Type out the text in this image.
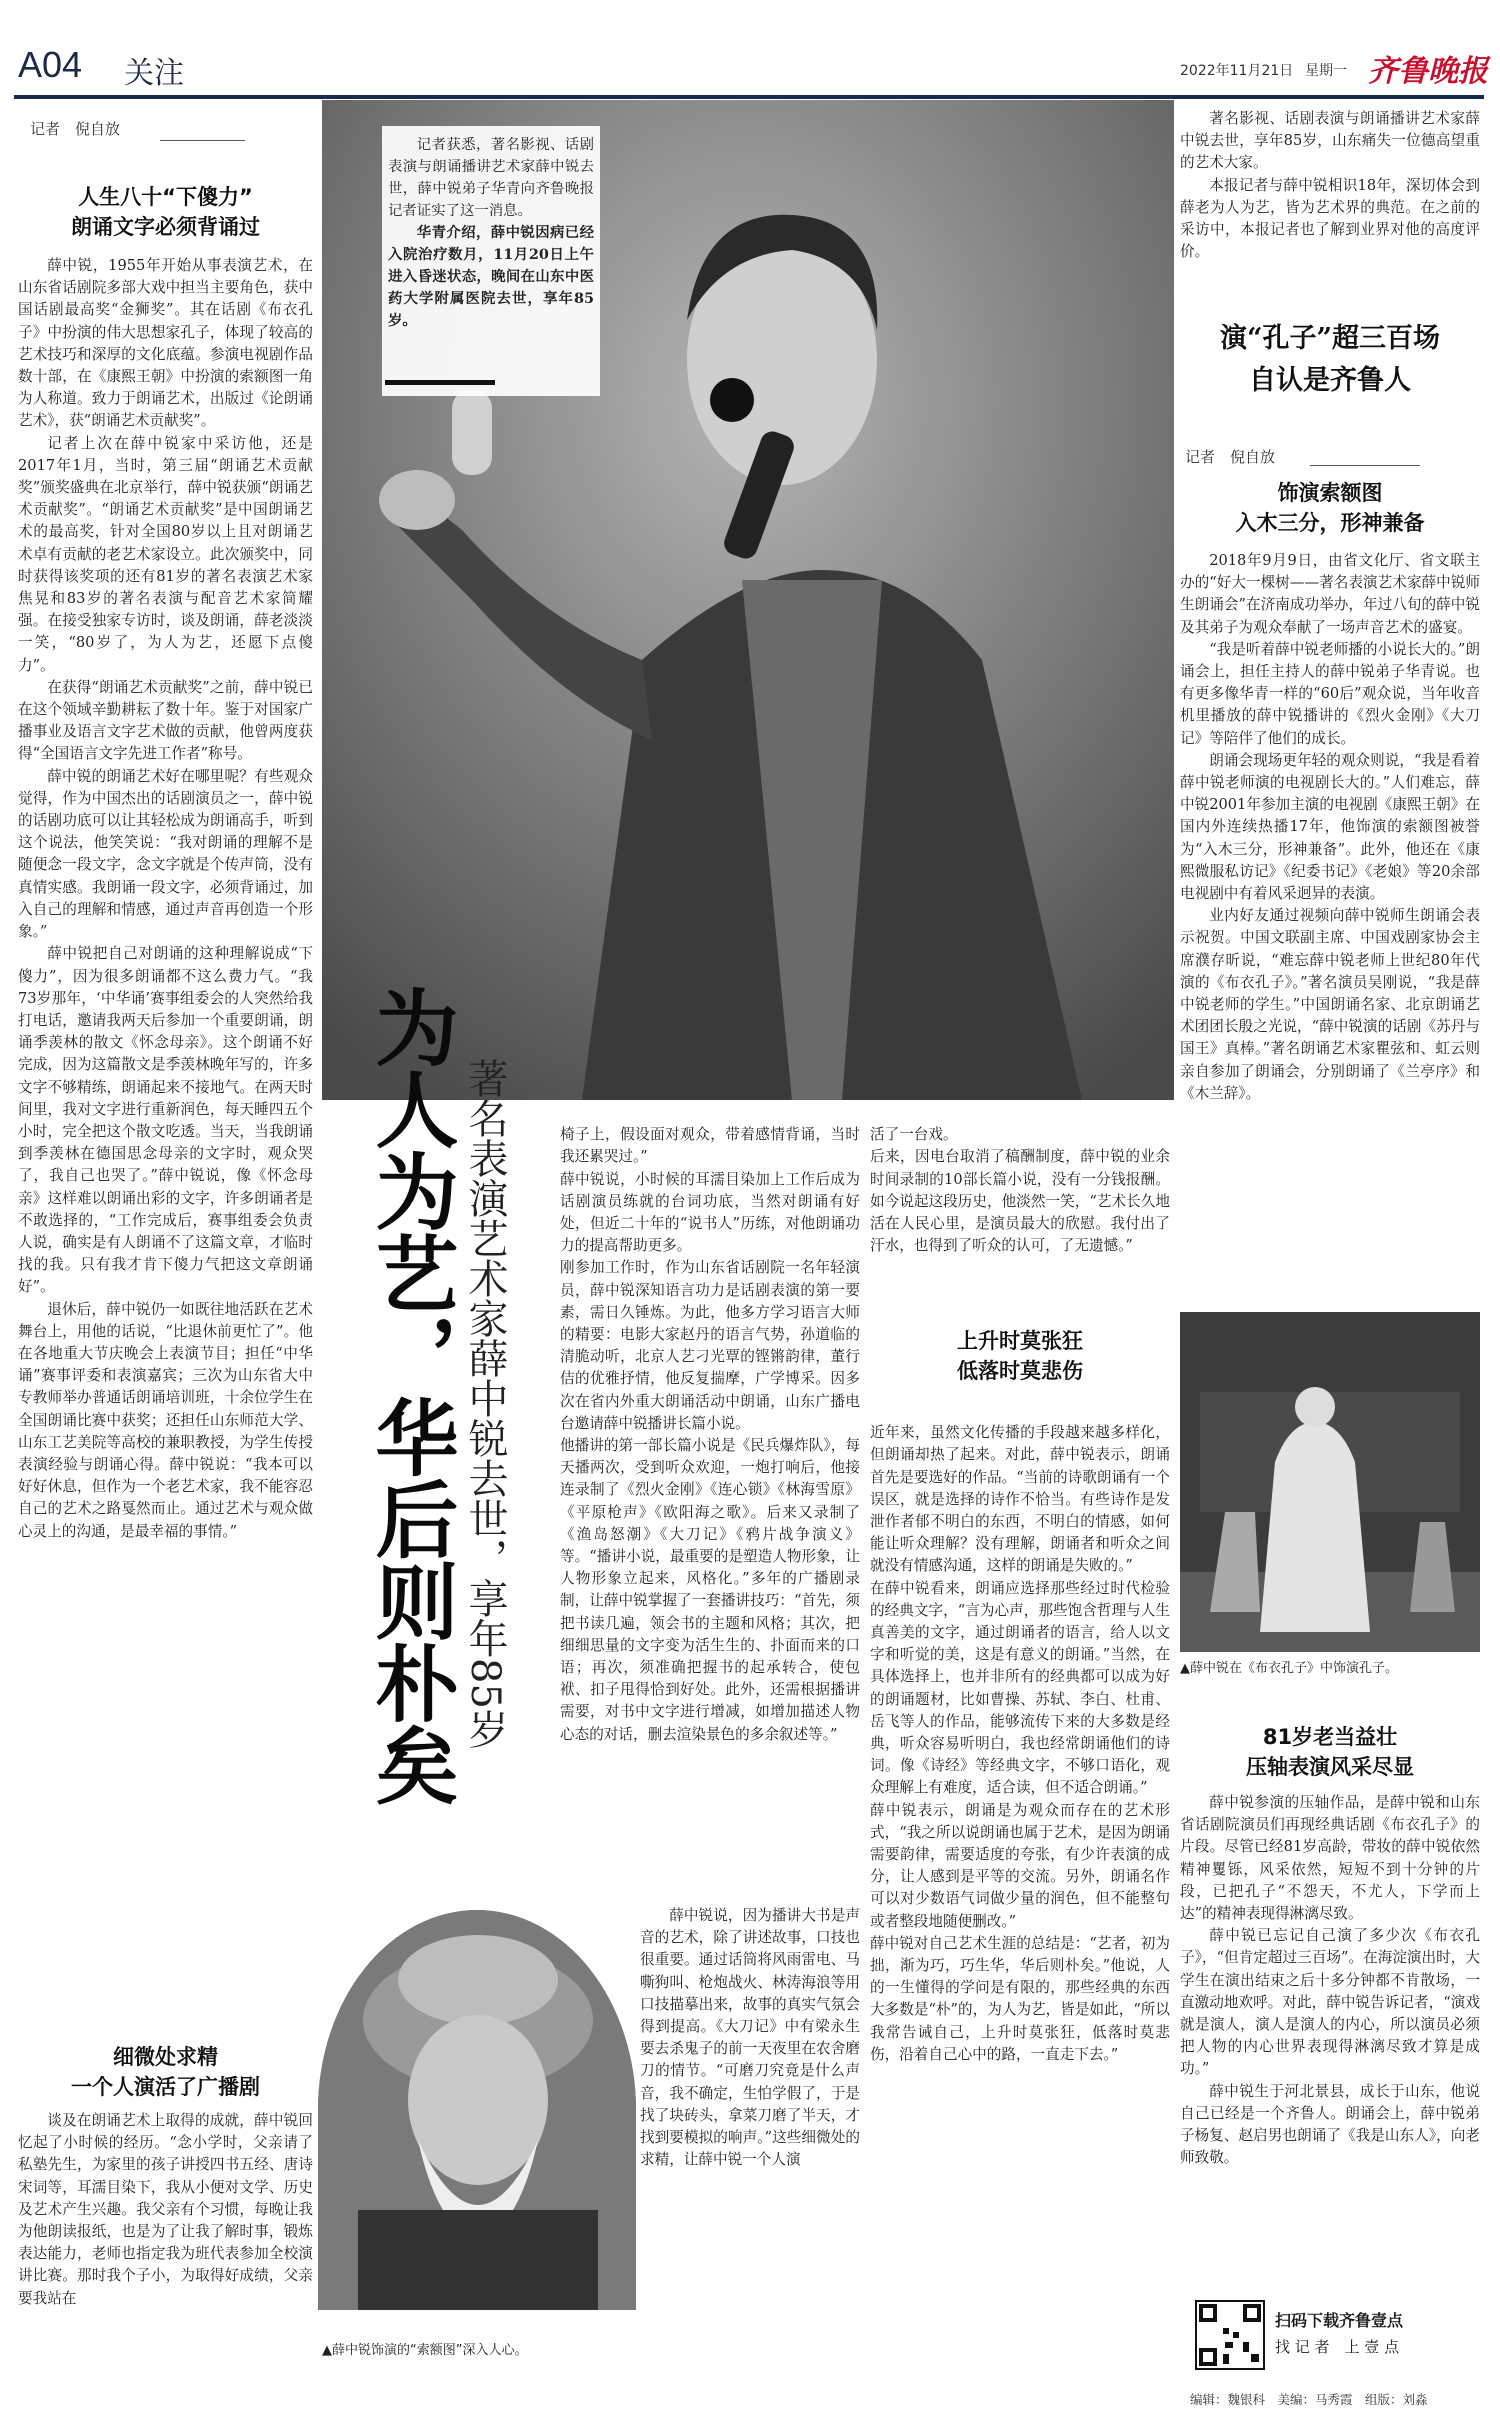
A04 关注	2022年11月21日 星期一 齐鲁晚报
记者　倪自放
人生八十“下傻力”
朗诵文字必须背诵过

薛中锐，1955年开始从事表演艺术，在山东省话剧院多部大戏中担当主要角色，获中国话剧最高奖“金狮奖”。其在话剧《布衣孔子》中扮演的伟大思想家孔子，体现了较高的艺术技巧和深厚的文化底蕴。参演电视剧作品数十部，在《康熙王朝》中扮演的索额图一角为人称道。致力于朗诵艺术，出版过《论朗诵艺术》，获“朗诵艺术贡献奖”。

记者上次在薛中锐家中采访他，还是2017年1月，当时，第三届“朗诵艺术贡献奖”颁奖盛典在北京举行，薛中锐获颁“朗诵艺术贡献奖”。“朗诵艺术贡献奖”是中国朗诵艺术的最高奖，针对全国80岁以上且对朗诵艺术卓有贡献的老艺术家设立。此次颁奖中，同时获得该奖项的还有81岁的著名表演艺术家焦晃和83岁的著名表演与配音艺术家简耀强。在接受独家专访时，谈及朗诵，薛老淡淡一笑，“80岁了，为人为艺，还愿下点傻力”。

在获得“朗诵艺术贡献奖”之前，薛中锐已在这个领域辛勤耕耘了数十年。鉴于对国家广播事业及语言文字艺术做的贡献，他曾两度获得“全国语言文字先进工作者”称号。

薛中锐的朗诵艺术好在哪里呢？有些观众觉得，作为中国杰出的话剧演员之一，薛中锐的话剧功底可以让其轻松成为朗诵高手，听到这个说法，他笑笑说：“我对朗诵的理解不是随便念一段文字，念文字就是个传声筒，没有真情实感。我朗诵一段文字，必须背诵过，加入自己的理解和情感，通过声音再创造一个形象。”

薛中锐把自己对朗诵的这种理解说成“下傻力”，因为很多朗诵都不这么费力气。“我73岁那年，‘中华诵’赛事组委会的人突然给我打电话，邀请我两天后参加一个重要朗诵，朗诵季羡林的散文《怀念母亲》。这个朗诵不好完成，因为这篇散文是季羡林晚年写的，许多文字不够精练，朗诵起来不接地气。在两天时间里，我对文字进行重新润色，每天睡四五个小时，完全把这个散文吃透。当天，当我朗诵到季羡林在德国思念母亲的文字时，观众哭了，我自己也哭了。”薛中锐说，像《怀念母亲》这样难以朗诵出彩的文字，许多朗诵者是不敢选择的，“工作完成后，赛事组委会负责人说，确实是有人朗诵不了这篇文章，才临时找的我。只有我才肯下傻力气把这文章朗诵好”。

退休后，薛中锐仍一如既往地活跃在艺术舞台上，用他的话说，“比退休前更忙了”。他在各地重大节庆晚会上表演节目；担任“中华诵”赛事评委和表演嘉宾；三次为山东省大中专教师举办普通话朗诵培训班，十余位学生在全国朗诵比赛中获奖；还担任山东师范大学、山东工艺美院等高校的兼职教授，为学生传授表演经验与朗诵心得。薛中锐说：“我本可以好好休息，但作为一个老艺术家，我不能容忍自己的艺术之路戛然而止。通过艺术与观众做心灵上的沟通，是最幸福的事情。”

细微处求精
一个人演活了广播剧

谈及在朗诵艺术上取得的成就，薛中锐回忆起了小时候的经历。“念小学时，父亲请了私塾先生，为家里的孩子讲授四书五经、唐诗宋词等，耳濡目染下，我从小便对文学、历史及艺术产生兴趣。我父亲有个习惯，每晚让我为他朗读报纸，也是为了让我了解时事，锻炼表达能力，老师也指定我为班代表参加全校演讲比赛。那时我个子小，为取得好成绩，父亲要我站在

记者获悉，著名影视、话剧表演与朗诵播讲艺术家薛中锐去世，薛中锐弟子华青向齐鲁晚报记者证实了这一消息。

华青介绍，薛中锐因病已经入院治疗数月，11月20日上午进入昏迷状态，晚间在山东中医药大学附属医院去世，享年85岁。

为人为艺，华后则朴矣 著名表演艺术家薛中锐去世，享年85岁	椅子上，假设面对观众，带着感情背诵，当时我还累哭过。”
薛中锐说，小时候的耳濡目染加上工作后成为话剧演员练就的台词功底，当然对朗诵有好处，但近二十年的“说书人”历练，对他朗诵功力的提高帮助更多。
刚参加工作时，作为山东省话剧院一名年轻演员，薛中锐深知语言功力是话剧表演的第一要素，需日久锤炼。为此，他多方学习语言大师的精要：电影大家赵丹的语言气势，孙道临的清脆动听，北京人艺刁光覃的铿锵韵律，董行佶的优雅抒情，他反复揣摩，广学博采。因多次在省内外重大朗诵活动中朗诵，山东广播电台邀请薛中锐播讲长篇小说。
他播讲的第一部长篇小说是《民兵爆炸队》，每天播两次，受到听众欢迎，一炮打响后，他接连录制了《烈火金刚》《连心锁》《林海雪原》《平原枪声》《欧阳海之歌》。后来又录制了《渔岛怒潮》《大刀记》《鸦片战争演义》等。“播讲小说，最重要的是塑造人物形象，让人物形象立起来，风格化。”多年的广播剧录制，让薛中锐掌握了一套播讲技巧：“首先，须把书读几遍，领会书的主题和风格；其次，把细细思量的文字变为活生生的、扑面而来的口语；再次，须准确把握书的起承转合，使包袱、扣子甩得恰到好处。此外，还需根据播讲需要，对书中文字进行增减，如增加描述人物心态的对话，删去渲染景色的多余叙述等。”

薛中锐说，因为播讲大书是声音的艺术，除了讲述故事，口技也很重要。通过话筒将风雨雷电、马嘶狗叫、枪炮战火、林涛海浪等用口技描摹出来，故事的真实气氛会得到提高。《大刀记》中有梁永生要去杀鬼子的前一天夜里在农舍磨刀的情节。“可磨刀究竟是什么声音，我不确定，生怕学假了，于是找了块砖头，拿菜刀磨了半天，才找到要模拟的响声。”这些细微处的求精，让薛中锐一个人演

活了一台戏。
后来，因电台取消了稿酬制度，薛中锐的业余时间录制的10部长篇小说，没有一分钱报酬。如今说起这段历史，他淡然一笑，“艺术长久地活在人民心里，是演员最大的欣慰。我付出了汗水，也得到了听众的认可，了无遗憾。”

上升时莫张狂
低落时莫悲伤

近年来，虽然文化传播的手段越来越多样化，但朗诵却热了起来。对此，薛中锐表示，朗诵首先是要选好的作品。“当前的诗歌朗诵有一个误区，就是选择的诗作不恰当。有些诗作是发泄作者郁不明白的东西，不明白的情感，如何能让听众理解？没有理解，朗诵者和听众之间就没有情感沟通，这样的朗诵是失败的。”
在薛中锐看来，朗诵应选择那些经过时代检验的经典文字，“言为心声，那些饱含哲理与人生真善美的文字，通过朗诵者的语言，给人以文字和听觉的美，这是有意义的朗诵。”当然，在具体选择上，也并非所有的经典都可以成为好的朗诵题材，比如曹操、苏轼、李白、杜甫、岳飞等人的作品，能够流传下来的大多数是经典，听众容易听明白，我也经常朗诵他们的诗词。像《诗经》等经典文字，不够口语化，观众理解上有难度，适合读，但不适合朗诵。”
薛中锐表示，朗诵是为观众而存在的艺术形式，“我之所以说朗诵也属于艺术，是因为朗诵需要韵律，需要适度的夸张，有少许表演的成分，让人感到是平等的交流。另外，朗诵名作可以对少数语气词做少量的润色，但不能整句或者整段地随便删改。”
薛中锐对自己艺术生涯的总结是：“艺者，初为拙，渐为巧，巧生华，华后则朴矣。”他说，人的一生懂得的学问是有限的，那些经典的东西大多数是“朴”的，为人为艺，皆是如此，“所以我常告诫自己，上升时莫张狂，低落时莫悲伤，沿着自己心中的路，一直走下去。”

▲薛中锐饰演的“索额图”深入人心。

著名影视、话剧表演与朗诵播讲艺术家薛中锐去世，享年85岁，山东痛失一位德高望重的艺术大家。

本报记者与薛中锐相识18年，深切体会到薛老为人为艺，皆为艺术界的典范。在之前的采访中，本报记者也了解到业界对他的高度评价。

演“孔子”超三百场
自认是齐鲁人
记者　倪自放
饰演索额图
入木三分，形神兼备

2018年9月9日，由省文化厅、省文联主办的“好大一棵树——著名表演艺术家薛中锐师生朗诵会”在济南成功举办，年过八旬的薛中锐及其弟子为观众奉献了一场声音艺术的盛宴。

“我是听着薛中锐老师播的小说长大的。”朗诵会上，担任主持人的薛中锐弟子华青说。也有更多像华青一样的“60后”观众说，当年收音机里播放的薛中锐播讲的《烈火金刚》《大刀记》等陪伴了他们的成长。

朗诵会现场更年轻的观众则说，“我是看着薛中锐老师演的电视剧长大的。”人们难忘，薛中锐2001年参加主演的电视剧《康熙王朝》在国内外连续热播17年，他饰演的索额图被誉为“入木三分，形神兼备”。此外，他还在《康熙微服私访记》《纪委书记》《老娘》等20余部电视剧中有着风采迥异的表演。

业内好友通过视频向薛中锐师生朗诵会表示祝贺。中国文联副主席、中国戏剧家协会主席濮存昕说，“难忘薛中锐老师上世纪80年代演的《布衣孔子》。”著名演员吴刚说，“我是薛中锐老师的学生。”中国朗诵名家、北京朗诵艺术团团长殷之光说，“薛中锐演的话剧《苏丹与国王》真棒。”著名朗诵艺术家瞿弦和、虹云则亲自参加了朗诵会，分别朗诵了《兰亭序》和《木兰辞》。

▲薛中锐在《布衣孔子》中饰演孔子。
81岁老当益壮
压轴表演风采尽显

薛中锐参演的压轴作品，是薛中锐和山东省话剧院演员们再现经典话剧《布衣孔子》的片段。尽管已经81岁高龄，带妆的薛中锐依然精神矍铄，风采依然，短短不到十分钟的片段，已把孔子“不怨天，不尤人，下学而上达”的精神表现得淋漓尽致。

薛中锐已忘记自己演了多少次《布衣孔子》，“但肯定超过三百场”。在海淀演出时，大学生在演出结束之后十多分钟都不肯散场，一直激动地欢呼。对此，薛中锐告诉记者，“演戏就是演人，演人是演人的内心，所以演员必须把人物的内心世界表现得淋漓尽致才算是成功。”

薛中锐生于河北景县，成长于山东，他说自己已经是一个齐鲁人。朗诵会上，薛中锐弟子杨复、赵启男也朗诵了《我是山东人》，向老师致敬。

扫码下载齐鲁壹点
找 记 者　上 壹 点
编辑：魏银科　美编：马秀霞　组版：刘淼
